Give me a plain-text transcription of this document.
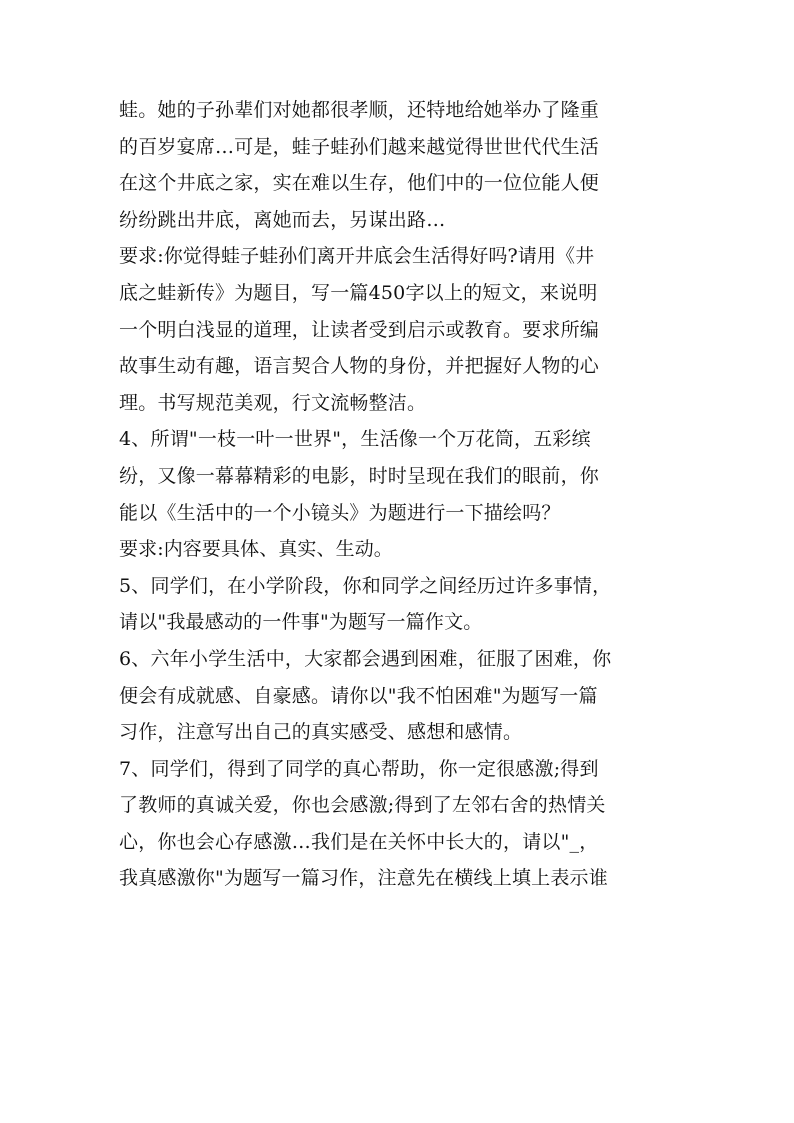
蛙。她的子孙辈们对她都很孝顺，还特地给她举办了隆重
的百岁宴席…可是，蛙子蛙孙们越来越觉得世世代代生活
在这个井底之家，实在难以生存，他们中的一位位能人便
纷纷跳出井底，离她而去，另谋出路…
要求:你觉得蛙子蛙孙们离开井底会生活得好吗?请用《井
底之蛙新传》为题目，写一篇450字以上的短文，来说明
一个明白浅显的道理，让读者受到启示或教育。要求所编
故事生动有趣，语言契合人物的身份，并把握好人物的心
理。书写规范美观，行文流畅整洁。
4、所谓"一枝一叶一世界"，生活像一个万花筒，五彩缤
纷，又像一幕幕精彩的电影，时时呈现在我们的眼前，你
能以《生活中的一个小镜头》为题进行一下描绘吗？
要求:内容要具体、真实、生动。
5、同学们，在小学阶段，你和同学之间经历过许多事情，
请以"我最感动的一件事"为题写一篇作文。
6、六年小学生活中，大家都会遇到困难，征服了困难，你
便会有成就感、自豪感。请你以"我不怕困难"为题写一篇
习作，注意写出自己的真实感受、感想和感情。
7、同学们，得到了同学的真心帮助，你一定很感激;得到
了教师的真诚关爱，你也会感激;得到了左邻右舍的热情关
心，你也会心存感激…我们是在关怀中长大的，请以"_，
我真感激你"为题写一篇习作，注意先在横线上填上表示谁
